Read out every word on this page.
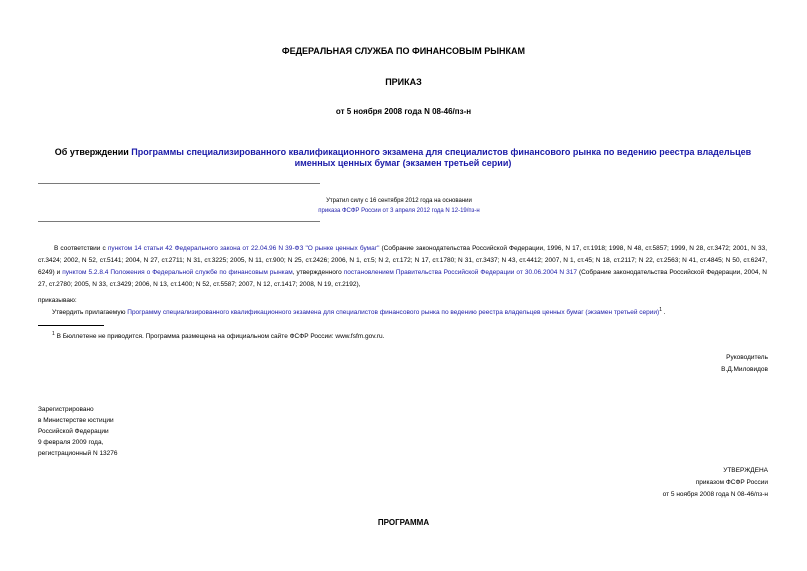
ФЕДЕРАЛЬНАЯ СЛУЖБА ПО ФИНАНСОВЫМ РЫНКАМ
ПРИКАЗ
от 5 ноября 2008 года N 08-46/пз-н
Об утверждении Программы специализированного квалификационного экзамена для специалистов финансового рынка по ведению реестра владельцев именных ценных бумаг (экзамен третьей серии)
Утратил силу с 16 сентября 2012 года на основании
приказа ФСФР России от 3 апреля 2012 года N 12-19/пз-н
В соответствии с пунктом 14 статьи 42 Федерального закона от 22.04.96 N 39-ФЗ "О рынке ценных бумаг" (Собрание законодательства Российской Федерации, 1996, N 17, ст.1918; 1998, N 48, ст.5857; 1999, N 28, ст.3472; 2001, N 33, ст.3424; 2002, N 52, ст.5141; 2004, N 27, ст.2711; N 31, ст.3225; 2005, N 11, ст.900; N 25, ст.2426; 2006, N 1, ст.5; N 2, ст.172; N 17, ст.1780; N 31, ст.3437; N 43, ст.4412; 2007, N 1, ст.45; N 18, ст.2117; N 22, ст.2563; N 41, ст.4845; N 50, ст.6247, 6249) и пунктом 5.2.8.4 Положения о Федеральной службе по финансовым рынкам, утвержденного постановлением Правительства Российской Федерации от 30.06.2004 N 317 (Собрание законодательства Российской Федерации, 2004, N 27, ст.2780; 2005, N 33, ст.3429; 2006, N 13, ст.1400; N 52, ст.5587; 2007, N 12, ст.1417; 2008, N 19, ст.2192),
приказываю:
Утвердить прилагаемую Программу специализированного квалификационного экзамена для специалистов финансового рынка по ведению реестра владельцев ценных бумаг (экзамен третьей серии)$^1$ .
$^1$ В Бюллетене не приводится. Программа размещена на официальном сайте ФСФР России: www.fsfm.gov.ru.
Руководитель
В.Д.Миловидов
Зарегистрировано
в Министерстве юстиции
Российской Федерации
9 февраля 2009 года,
регистрационный N 13276
УТВЕРЖДЕНА
приказом ФСФР России
от 5 ноября 2008 года N 08-46/пз-н
ПРОГРАММА
